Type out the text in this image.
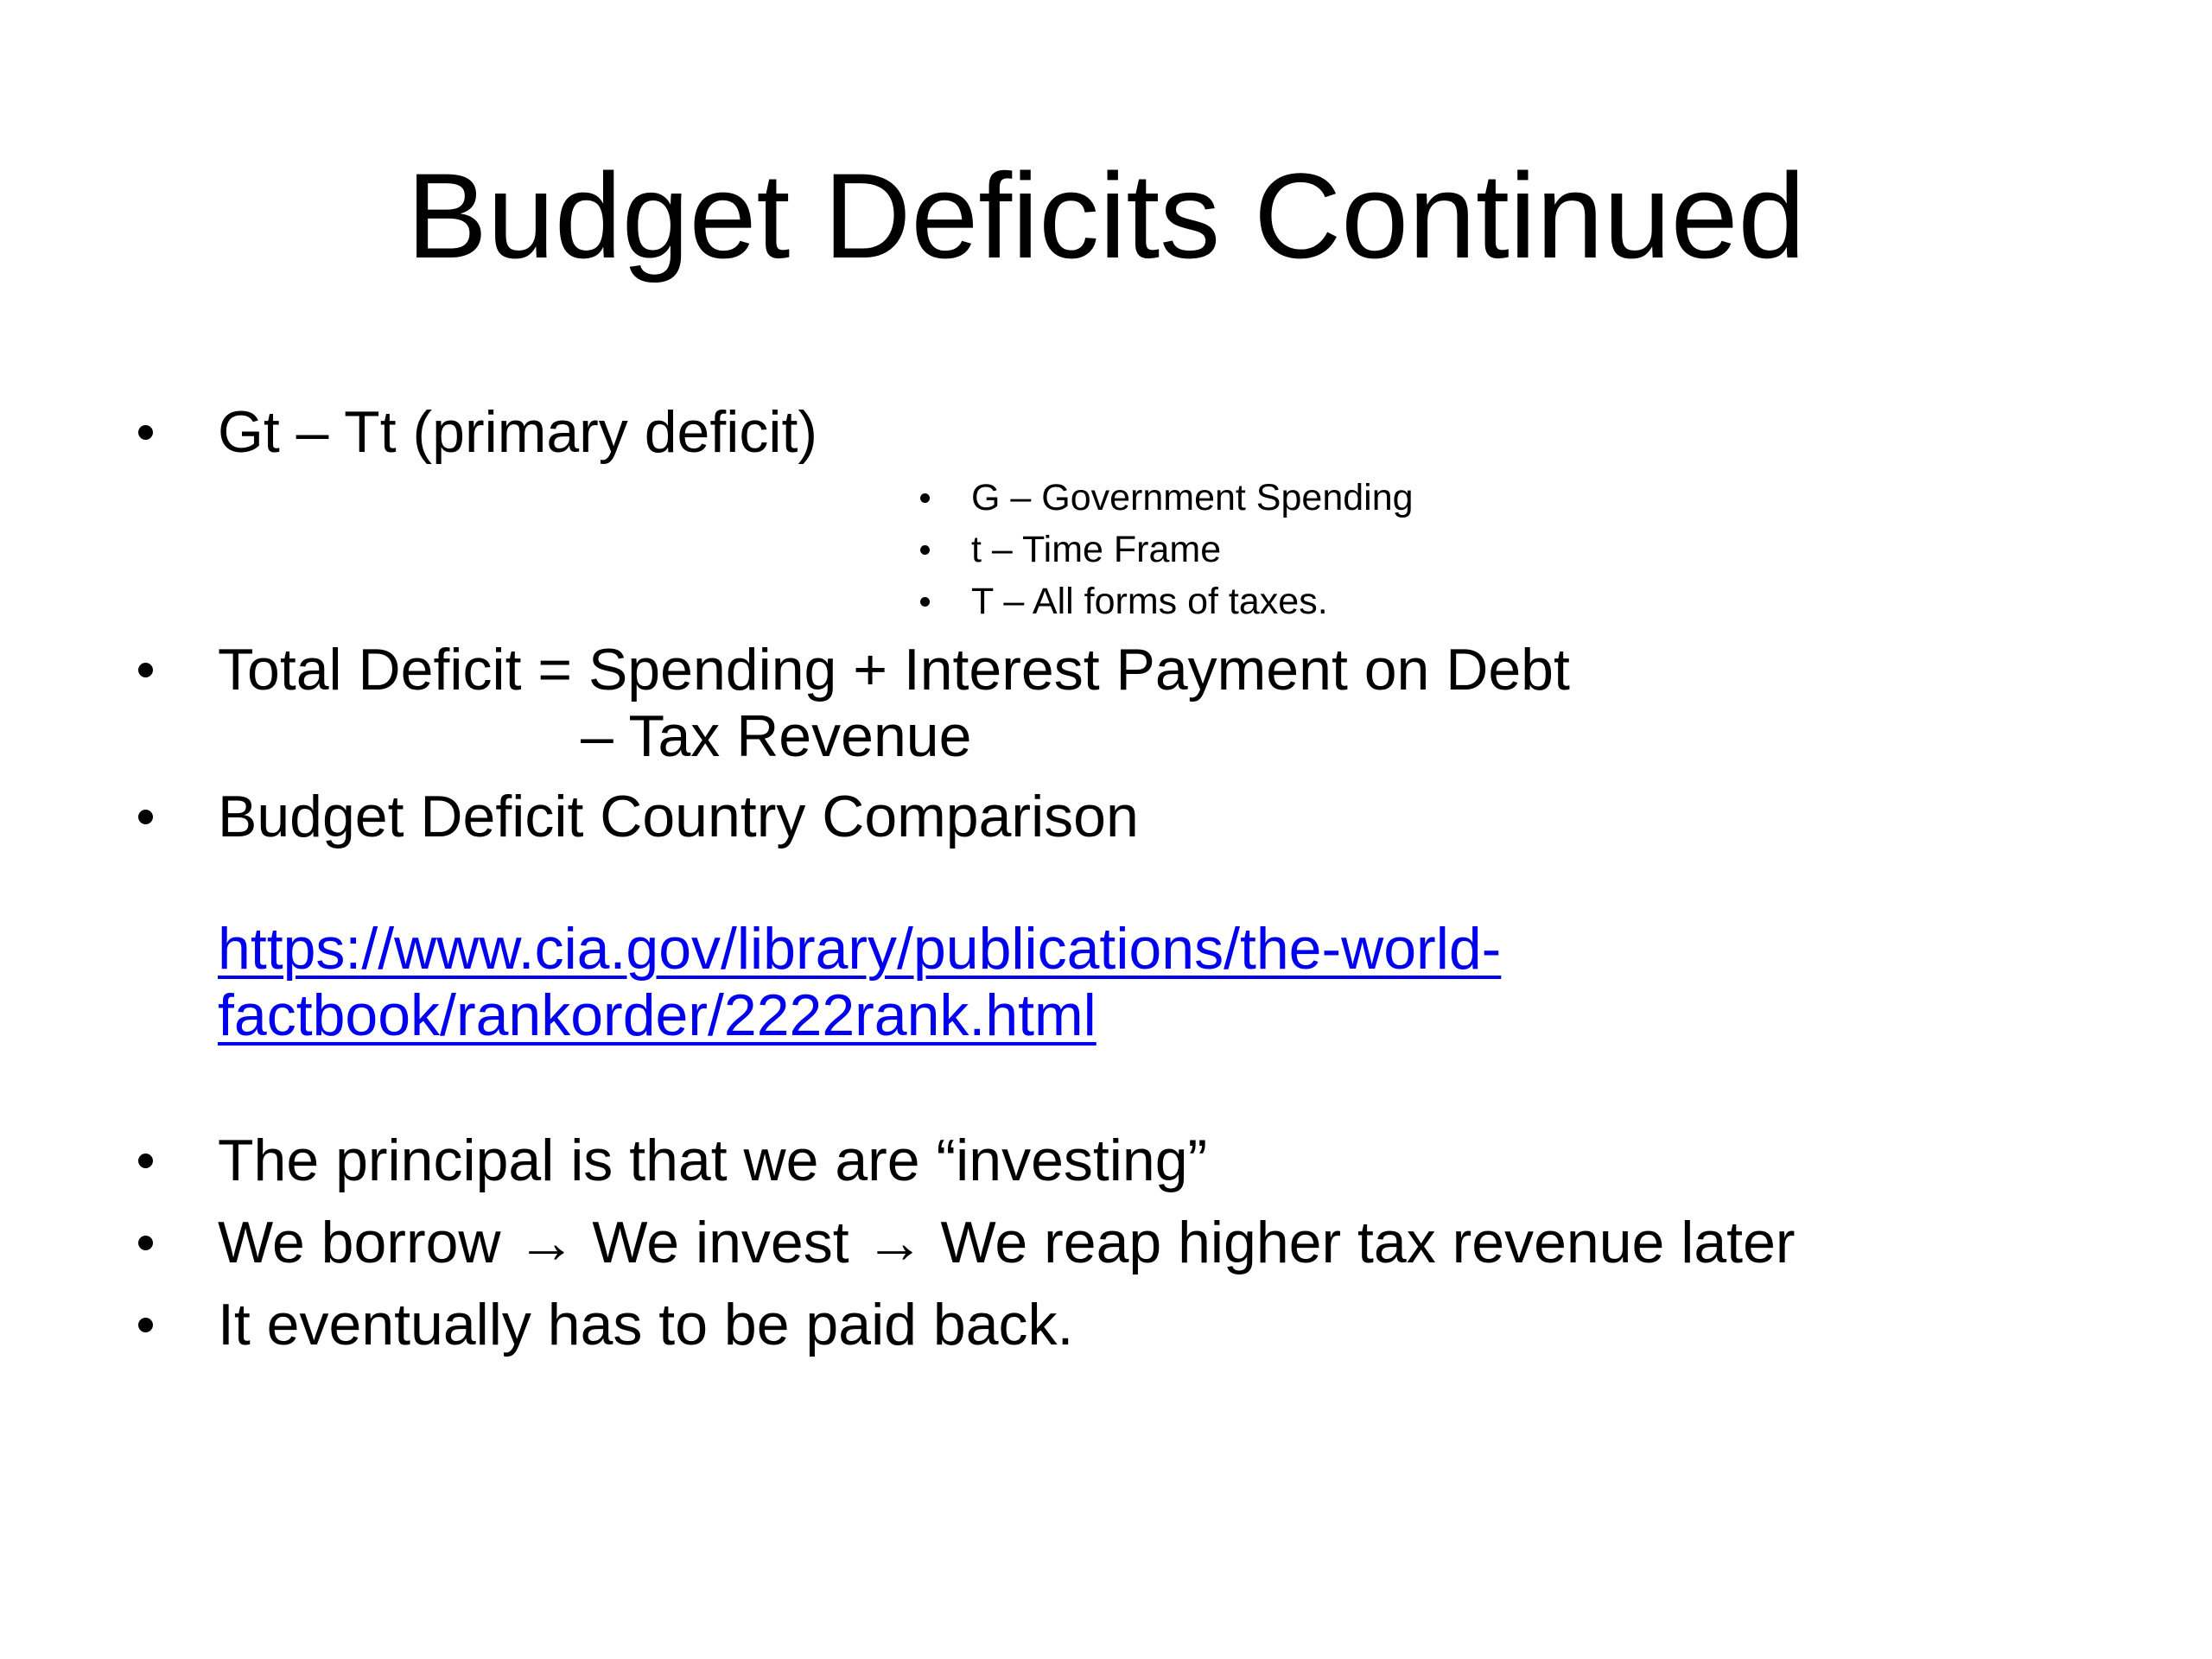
Budget Deficits Continued
Gt – Tt (primary deficit)
G – Government Spending
t – Time Frame
T – All forms of taxes.
Total Deficit = Spending + Interest Payment on Debt
– Tax Revenue
Budget Deficit Country Comparison
https://www.cia.gov/library/publications/the-world-
factbook/rankorder/2222rank.html
The principal is that we are “investing”
We borrow → We invest → We reap higher tax revenue later
It eventually has to be paid back.
